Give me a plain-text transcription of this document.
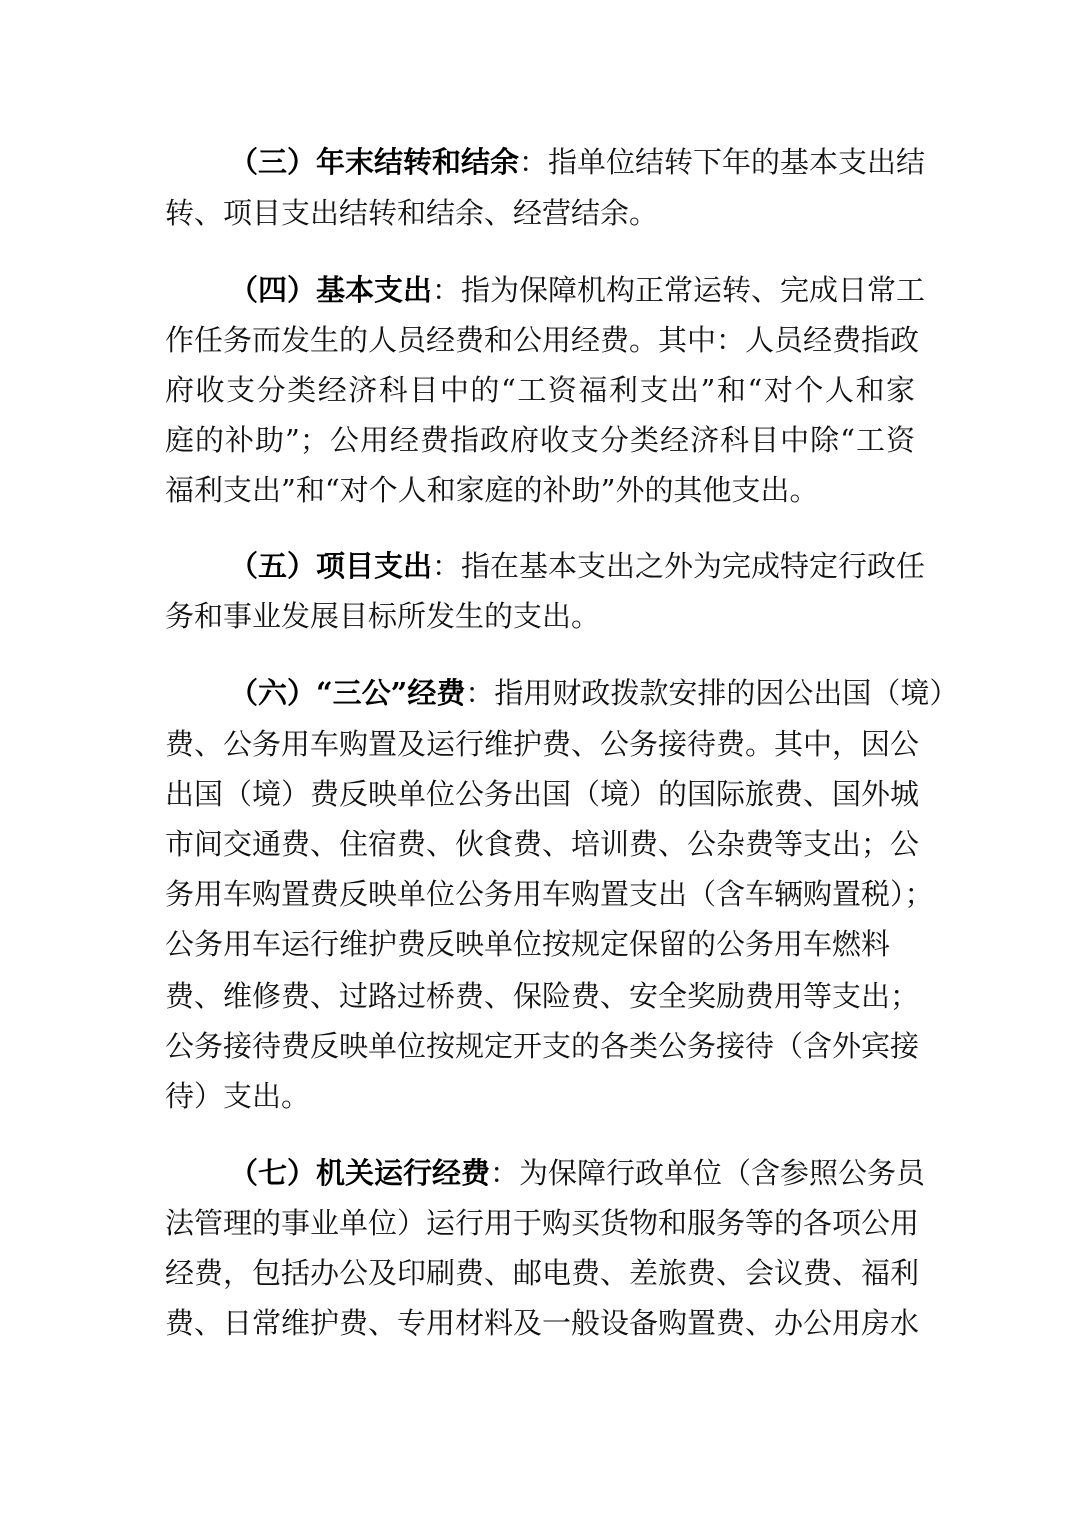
（三）年末结转和结余：指单位结转下年的基本支出结
转、项目支出结转和结余、经营结余。
（四）基本支出：指为保障机构正常运转、完成日常工
作任务而发生的人员经费和公用经费。其中：人员经费指政
府收支分类经济科目中的“工资福利支出”和“对个人和家
庭的补助”；公用经费指政府收支分类经济科目中除“工资
福利支出”和“对个人和家庭的补助”外的其他支出。
（五）项目支出：指在基本支出之外为完成特定行政任
务和事业发展目标所发生的支出。
（六）“三公”经费：指用财政拨款安排的因公出国（境）
费、公务用车购置及运行维护费、公务接待费。其中，因公
出国（境）费反映单位公务出国（境）的国际旅费、国外城
市间交通费、住宿费、伙食费、培训费、公杂费等支出；公
务用车购置费反映单位公务用车购置支出（含车辆购置税）；
公务用车运行维护费反映单位按规定保留的公务用车燃料
费、维修费、过路过桥费、保险费、安全奖励费用等支出；
公务接待费反映单位按规定开支的各类公务接待（含外宾接
待）支出。
（七）机关运行经费：为保障行政单位（含参照公务员
法管理的事业单位）运行用于购买货物和服务等的各项公用
经费，包括办公及印刷费、邮电费、差旅费、会议费、福利
费、日常维护费、专用材料及一般设备购置费、办公用房水
